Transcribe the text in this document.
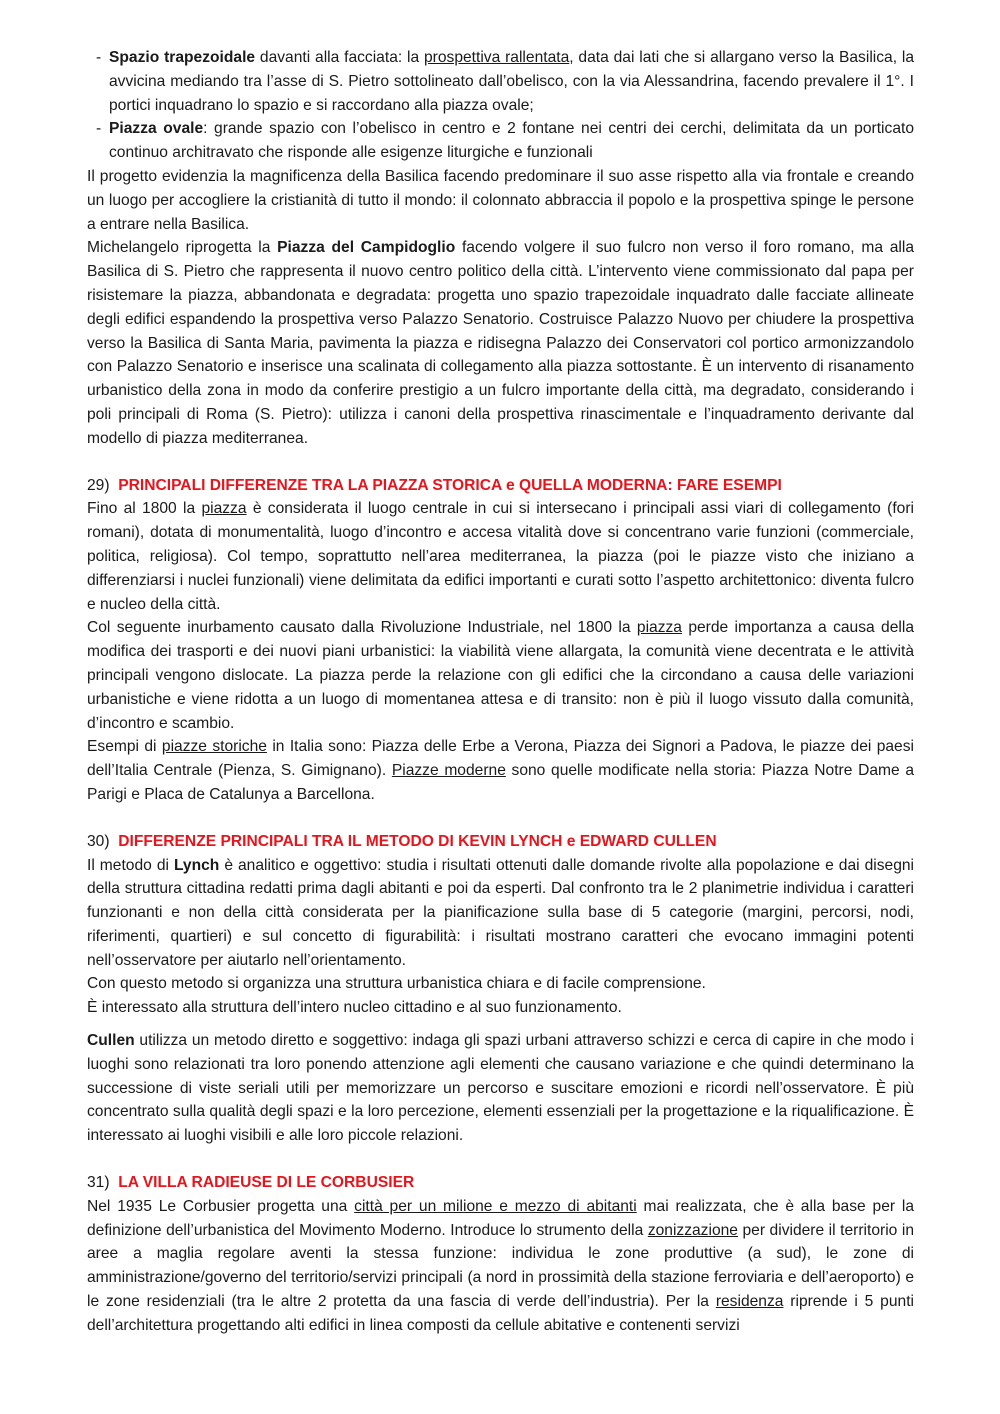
- Spazio trapezoidale davanti alla facciata: la prospettiva rallentata, data dai lati che si allargano verso la Basilica, la avvicina mediando tra l’asse di S. Pietro sottolineato dall’obelisco, con la via Alessandrina, facendo prevalere il 1°. I portici inquadrano lo spazio e si raccordano alla piazza ovale;
- Piazza ovale: grande spazio con l’obelisco in centro e 2 fontane nei centri dei cerchi, delimitata da un porticato continuo architravato che risponde alle esigenze liturgiche e funzionali

Il progetto evidenzia la magnificenza della Basilica facendo predominare il suo asse rispetto alla via frontale e creando un luogo per accogliere la cristianità di tutto il mondo: il colonnato abbraccia il popolo e la prospettiva spinge le persone a entrare nella Basilica.

Michelangelo riprogetta la Piazza del Campidoglio facendo volgere il suo fulcro non verso il foro romano, ma alla Basilica di S. Pietro che rappresenta il nuovo centro politico della città. L’intervento viene commissionato dal papa per risistemare la piazza, abbandonata e degradata: progetta uno spazio trapezoidale inquadrato dalle facciate allineate degli edifici espandendo la prospettiva verso Palazzo Senatorio. Costruisce Palazzo Nuovo per chiudere la prospettiva verso la Basilica di Santa Maria, pavimenta la piazza e ridisegna Palazzo dei Conservatori col portico armonizzandolo con Palazzo Senatorio e inserisce una scalinata di collegamento alla piazza sottostante. È un intervento di risanamento urbanistico della zona in modo da conferire prestigio a un fulcro importante della città, ma degradato, considerando i poli principali di Roma (S. Pietro): utilizza i canoni della prospettiva rinascimentale e l’inquadramento derivante dal modello di piazza mediterranea.

29) PRINCIPALI DIFFERENZE TRA LA PIAZZA STORICA e QUELLA MODERNA: FARE ESEMPI

Fino al 1800 la piazza è considerata il luogo centrale in cui si intersecano i principali assi viari di collegamento (fori romani), dotata di monumentalità, luogo d’incontro e accesa vitalità dove si concentrano varie funzioni (commerciale, politica, religiosa). Col tempo, soprattutto nell’area mediterranea, la piazza (poi le piazze visto che iniziano a differenziarsi i nuclei funzionali) viene delimitata da edifici importanti e curati sotto l’aspetto architettonico: diventa fulcro e nucleo della città.

Col seguente inurbamento causato dalla Rivoluzione Industriale, nel 1800 la piazza perde importanza a causa della modifica dei trasporti e dei nuovi piani urbanistici: la viabilità viene allargata, la comunità viene decentrata e le attività principali vengono dislocate. La piazza perde la relazione con gli edifici che la circondano a causa delle variazioni urbanistiche e viene ridotta a un luogo di momentanea attesa e di transito: non è più il luogo vissuto dalla comunità, d’incontro e scambio.

Esempi di piazze storiche in Italia sono: Piazza delle Erbe a Verona, Piazza dei Signori a Padova, le piazze dei paesi dell’Italia Centrale (Pienza, S. Gimignano). Piazze moderne sono quelle modificate nella storia: Piazza Notre Dame a Parigi e Placa de Catalunya a Barcellona.

30) DIFFERENZE PRINCIPALI TRA IL METODO DI KEVIN LYNCH e EDWARD CULLEN

Il metodo di Lynch è analitico e oggettivo: studia i risultati ottenuti dalle domande rivolte alla popolazione e dai disegni della struttura cittadina redatti prima dagli abitanti e poi da esperti. Dal confronto tra le 2 planimetrie individua i caratteri funzionanti e non della città considerata per la pianificazione sulla base di 5 categorie (margini, percorsi, nodi, riferimenti, quartieri) e sul concetto di figurabilità: i risultati mostrano caratteri che evocano immagini potenti nell’osservatore per aiutarlo nell’orientamento.

Con questo metodo si organizza una struttura urbanistica chiara e di facile comprensione.

È interessato alla struttura dell’intero nucleo cittadino e al suo funzionamento.

Cullen utilizza un metodo diretto e soggettivo: indaga gli spazi urbani attraverso schizzi e cerca di capire in che modo i luoghi sono relazionati tra loro ponendo attenzione agli elementi che causano variazione e che quindi determinano la successione di viste seriali utili per memorizzare un percorso e suscitare emozioni e ricordi nell’osservatore. È più concentrato sulla qualità degli spazi e la loro percezione, elementi essenziali per la progettazione e la riqualificazione. È interessato ai luoghi visibili e alle loro piccole relazioni.

31) LA VILLA RADIEUSE DI LE CORBUSIER

Nel 1935 Le Corbusier progetta una città per un milione e mezzo di abitanti mai realizzata, che è alla base per la definizione dell’urbanistica del Movimento Moderno. Introduce lo strumento della zonizzazione per dividere il territorio in aree a maglia regolare aventi la stessa funzione: individua le zone produttive (a sud), le zone di amministrazione/governo del territorio/servizi principali (a nord in prossimità della stazione ferroviaria e dell’aeroporto) e le zone residenziali (tra le altre 2 protetta da una fascia di verde dell’industria). Per la residenza riprende i 5 punti dell’architettura progettando alti edifici in linea composti da cellule abitative e contenenti servizi
